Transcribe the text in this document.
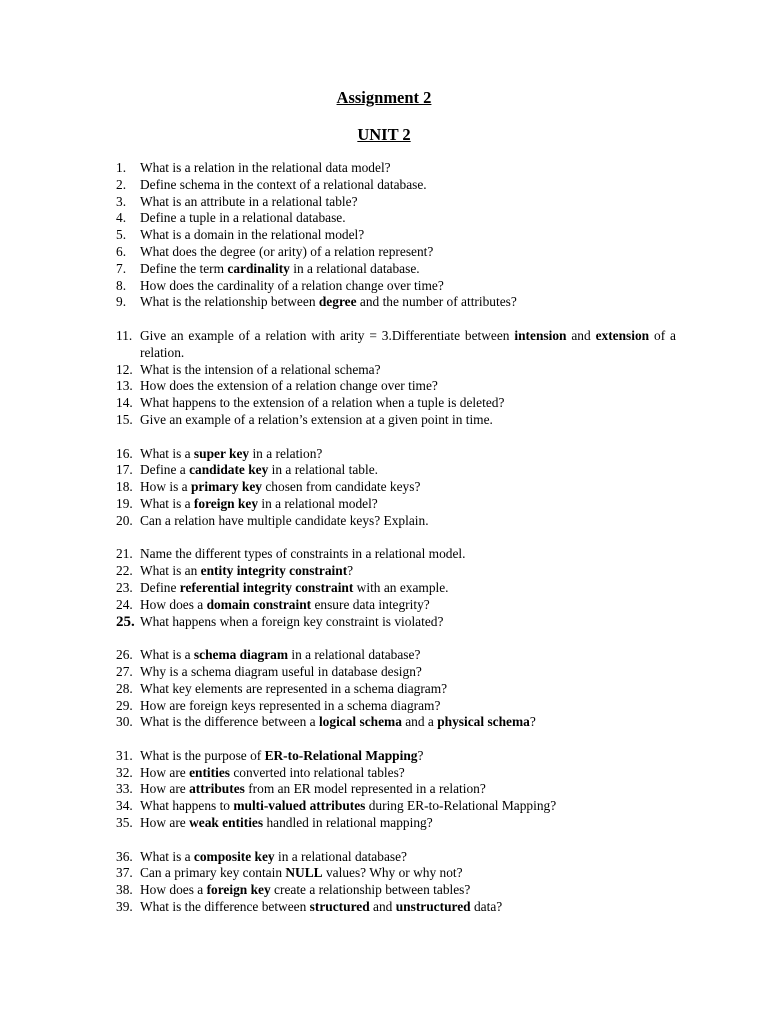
Assignment 2
UNIT 2
1. What is a relation in the relational data model?
2. Define schema in the context of a relational database.
3. What is an attribute in a relational table?
4. Define a tuple in a relational database.
5. What is a domain in the relational model?
6. What does the degree (or arity) of a relation represent?
7. Define the term cardinality in a relational database.
8. How does the cardinality of a relation change over time?
9. What is the relationship between degree and the number of attributes?
11. Give an example of a relation with arity = 3.Differentiate between intension and extension of a relation.
12. What is the intension of a relational schema?
13. How does the extension of a relation change over time?
14. What happens to the extension of a relation when a tuple is deleted?
15. Give an example of a relation’s extension at a given point in time.
16. What is a super key in a relation?
17. Define a candidate key in a relational table.
18. How is a primary key chosen from candidate keys?
19. What is a foreign key in a relational model?
20. Can a relation have multiple candidate keys? Explain.
21. Name the different types of constraints in a relational model.
22. What is an entity integrity constraint?
23. Define referential integrity constraint with an example.
24. How does a domain constraint ensure data integrity?
25. What happens when a foreign key constraint is violated?
26. What is a schema diagram in a relational database?
27. Why is a schema diagram useful in database design?
28. What key elements are represented in a schema diagram?
29. How are foreign keys represented in a schema diagram?
30. What is the difference between a logical schema and a physical schema?
31. What is the purpose of ER-to-Relational Mapping?
32. How are entities converted into relational tables?
33. How are attributes from an ER model represented in a relation?
34. What happens to multi-valued attributes during ER-to-Relational Mapping?
35. How are weak entities handled in relational mapping?
36. What is a composite key in a relational database?
37. Can a primary key contain NULL values? Why or why not?
38. How does a foreign key create a relationship between tables?
39. What is the difference between structured and unstructured data?
